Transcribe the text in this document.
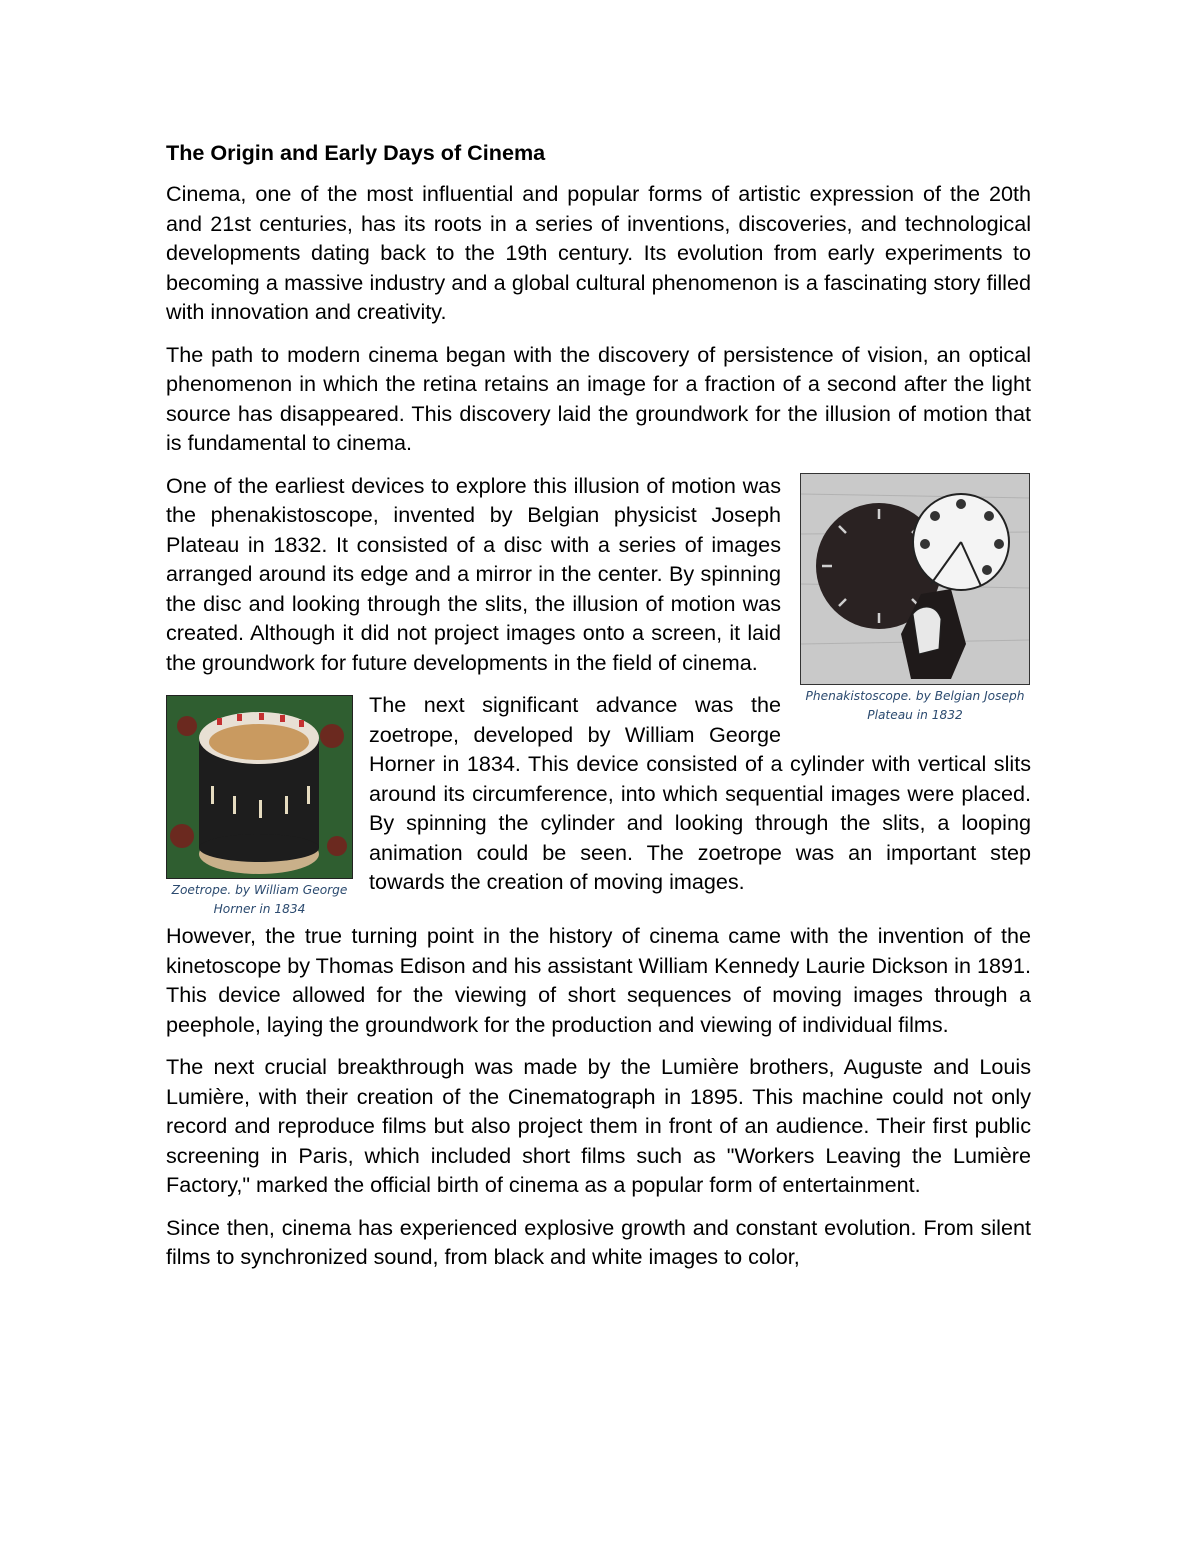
The Origin and Early Days of Cinema

Cinema, one of the most influential and popular forms of artistic expression of the 20th and 21st centuries, has its roots in a series of inventions, discoveries, and technological developments dating back to the 19th century. Its evolution from early experiments to becoming a massive industry and a global cultural phenomenon is a fascinating story filled with innovation and creativity.

The path to modern cinema began with the discovery of persistence of vision, an optical phenomenon in which the retina retains an image for a fraction of a second after the light source has disappeared. This discovery laid the groundwork for the illusion of motion that is fundamental to cinema.

Phenakistoscope. by Belgian Joseph Plateau in 1832

One of the earliest devices to explore this illusion of motion was the phenakistoscope, invented by Belgian physicist Joseph Plateau in 1832. It consisted of a disc with a series of images arranged around its edge and a mirror in the center. By spinning the disc and looking through the slits, the illusion of motion was created. Although it did not project images onto a screen, it laid the groundwork for future developments in the field of cinema.

Zoetrope. by William George Horner in 1834

The next significant advance was the zoetrope, developed by William George Horner in 1834. This device consisted of a cylinder with vertical slits around its circumference, into which sequential images were placed. By spinning the cylinder and looking through the slits, a looping animation could be seen. The zoetrope was an important step towards the creation of moving images.

However, the true turning point in the history of cinema came with the invention of the kinetoscope by Thomas Edison and his assistant William Kennedy Laurie Dickson in 1891. This device allowed for the viewing of short sequences of moving images through a peephole, laying the groundwork for the production and viewing of individual films.

The next crucial breakthrough was made by the Lumière brothers, Auguste and Louis Lumière, with their creation of the Cinematograph in 1895. This machine could not only record and reproduce films but also project them in front of an audience. Their first public screening in Paris, which included short films such as "Workers Leaving the Lumière Factory," marked the official birth of cinema as a popular form of entertainment.

Since then, cinema has experienced explosive growth and constant evolution. From silent films to synchronized sound, from black and white images to color,
